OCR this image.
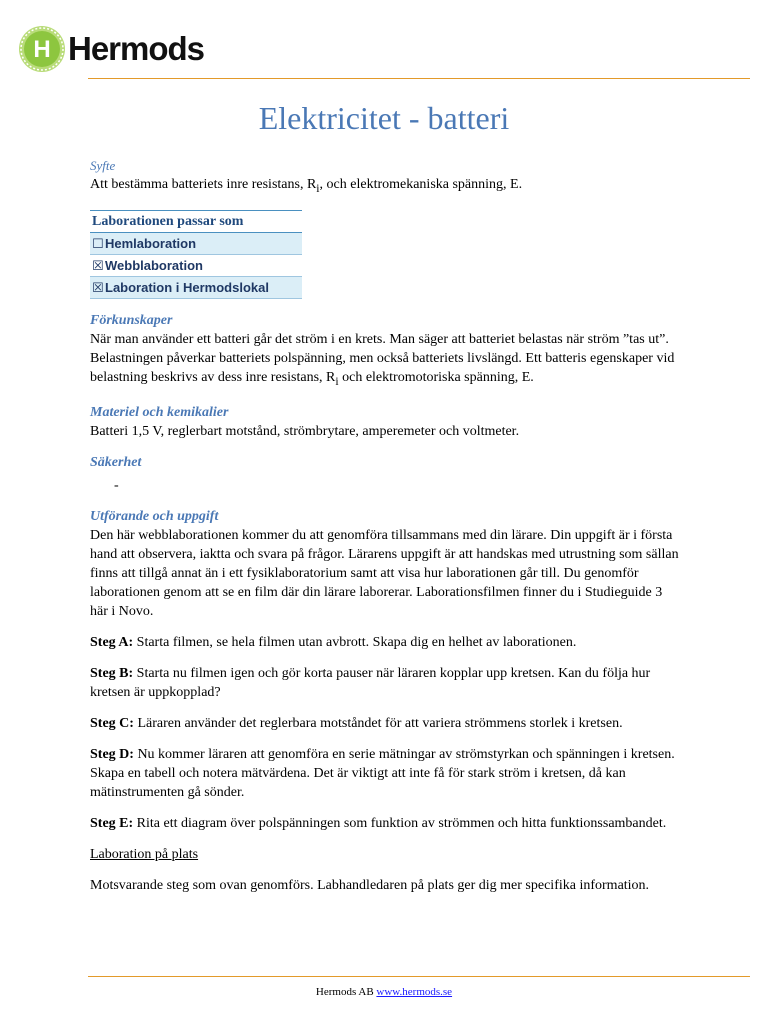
H Hermods
Elektricitet - batteri

Syfte

Att bestämma batteriets inre resistans, $R_i$, och elektromekaniska spänning, E.

Laborationen passar som
☐Hemlaboration
☒Webblaboration
☒Laboration i Hermodslokal

Förkunskaper

När man använder ett batteri går det ström i en krets. Man säger att batteriet belastas när ström ”tas ut”. Belastningen påverkar batteriets polspänning, men också batteriets livslängd. Ett batteris egenskaper vid belastning beskrivs av dess inre resistans, $R_i$ och elektromotoriska spänning, E.

Materiel och kemikalier

Batteri 1,5 V, reglerbart motstånd, strömbrytare, amperemeter och voltmeter.

Säkerhet

-

Utförande och uppgift

Den här webblaborationen kommer du att genomföra tillsammans med din lärare. Din uppgift är i första hand att observera, iaktta och svara på frågor. Lärarens uppgift är att handskas med utrustning som sällan finns att tillgå annat än i ett fysiklaboratorium samt att visa hur laborationen går till. Du genomför laborationen genom att se en film där din lärare laborerar. Laborationsfilmen finner du i Studieguide 3 här i Novo.

Steg A: Starta filmen, se hela filmen utan avbrott. Skapa dig en helhet av laborationen.

Steg B: Starta nu filmen igen och gör korta pauser när läraren kopplar upp kretsen. Kan du följa hur kretsen är uppkopplad?

Steg C: Läraren använder det reglerbara motståndet för att variera strömmens storlek i kretsen.

Steg D: Nu kommer läraren att genomföra en serie mätningar av strömstyrkan och spänningen i kretsen. Skapa en tabell och notera mätvärdena. Det är viktigt att inte få för stark ström i kretsen, då kan mätinstrumenten gå sönder.

Steg E: Rita ett diagram över polspänningen som funktion av strömmen och hitta funktionssambandet.

Laboration på plats

Motsvarande steg som ovan genomförs. Labhandledaren på plats ger dig mer specifika information.

Hermods AB www.hermods.se
